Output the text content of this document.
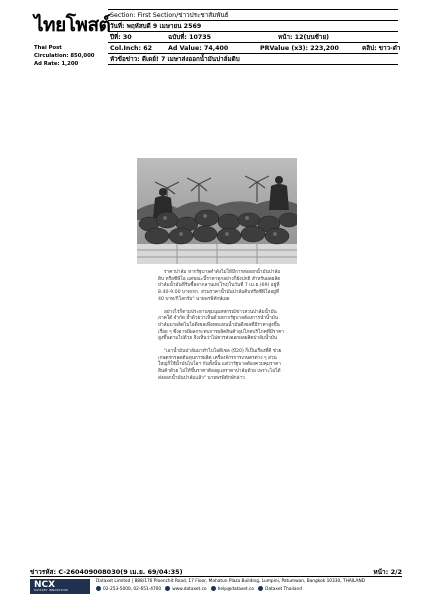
ไทยโพสต์
Thai Post
Circulation: 850,000
Ad Rate: 1,200
Section: First Section/ข่าวประชาสัมพันธ์
วันที่: พฤหัสบดี 9 เมษายน 2569
ปีที่: 30	ฉบับที่: 10735	หน้า: 12(บนซ้าย)
Col.Inch: 62	Ad Value: 74,400	PRValue (x3): 223,200	คลิป: ขาว-ดำ
หัวข้อข่าว: ดีเดย์! 7 เมษาส่งออกน้ำมันปาล์มดิบ

ราคาปาล์ม หากรัฐบาลดำดังไม่ให้มีการส่งออกน้ำมันปาล์มดิบ หรือซีพีโอ แต่ขณะนี้ราคาทุกอย่างก็ยังปกติ สำหรับผลผลิตปาล์มน้ำมันที่รับซื้อจากลานเท(โรง)ในวันที่ 7 เม.ย.(69) อยู่ที่ 8.40-9.00 บาท/กก. ส่วนราคาน้ำมันปาล์มดิบหรือซีพีโออยู่ที่ 40 บาท/กิโลกรัม" นายพรพิทักษ์เผย

อย่างไรก็ตามประธานชุมนุมสหกรณ์ชาวสวนปาล์มน้ำมันภาคใต้ จำกัด ย้ำด้วยว่าเห็นด้วยหากรัฐบาลต้องการนำน้ำมันปาล์มมาผลิตไบโอดีเซลเพื่อทดแทนน้ำมันดีเซลที่มีราคาสูงขึ้นเรื่อย ๆ ซึ่งอาจมีผลกระทบการผลิตสินค้าอุปโภคบริโภคที่มีราคาสูงขึ้นตามไปด้วย จึงเห็นว่าไม่ควรส่งออกผลผลิตปาล์มน้ำมัน

"เอาน้ำมันปาล์มมาทำไบโอดีเซล (บี20) ก็เป็นเรื่องที่ดี ช่วยเกษตรกรลดต้นทุนการผลิต เครื่องจักรการเกษตรต่าง ๆ ส่วนใหญ่ก็ใช้น้ำมันไบโอฯ กันทั้งนั้น แต่ว่ารัฐบาลต้องควบคุมราคาสินค้าด้วย ไม่ให้ขึ้นราคาต้องดูแลราคาปาล์มด้วย เพราะไม่ได้ส่งออกน้ำมันปาล์มแล้ว" นายพรพิทักษ์กล่าว

ข่าวรหัส: C-260409008030(9 เม.ย. 69/04:35)	หน้า: 2/2
NCX
DATASET INNOVATION
Dataxet Limited | 888/176 Ploenchit Road, 17 Floor, Mahatun Plaza Building, Lumpini, Patumwan, Bangkok 10330, THAILAND
02-253-5000, 02-651-4700	www.dataxet.co	help@dataxet.co	Dataxet Thailand
